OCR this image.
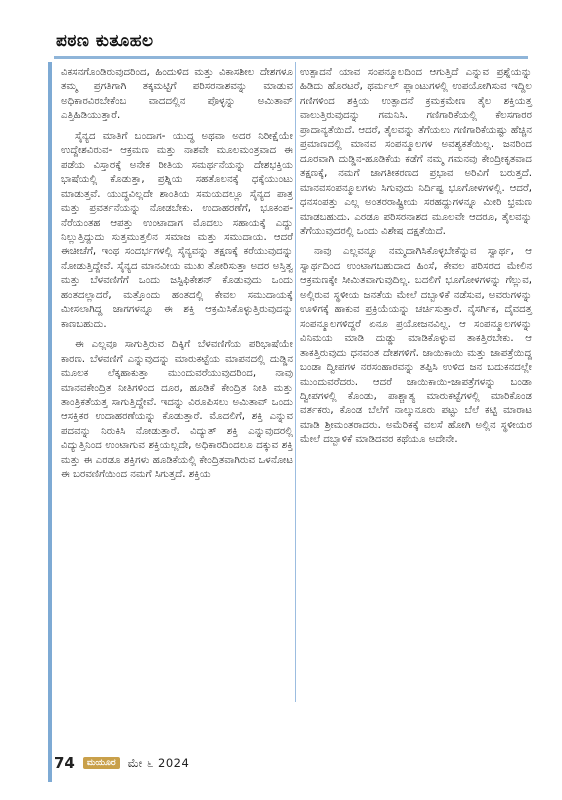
ಪಠಣ ಕುತೂಹಲ

ವಿಕಸನಗೊಂಡಿರುವುದರಿಂದ, ಹಿಂದುಳಿದ ಮತ್ತು ವಿಕಾಸಶೀಲ ದೇಶಗಳೂ ತಮ್ಮ ಪ್ರಗತಿಗಾಗಿ ತಕ್ಕಮಟ್ಟಿಗೆ ಪರಿಸರನಾಶವನ್ನು ಮಾಡುವ ಅಧಿಕಾರವಿರಬೇಕೆಂಬ ವಾದದಲ್ಲಿನ ಪೊಳ್ಳನ್ನು ಅಮಿತಾವ್ ಎತ್ತಿಹಿಡಿಯುತ್ತಾರೆ.

ಸೈನ್ಯದ ಮಾತಿಗೆ ಬಂದಾಗ- ಯುದ್ಧ ಅಥವಾ ಅದರ ನಿರೀಕ್ಷೆಯೇ ಉದ್ದೇಶವಿರುವ- ಆಕ್ರಮಣ ಮತ್ತು ನಾಶವೇ ಮೂಲಮಂತ್ರವಾದ ಈ ಪಡೆಯ ವಿಸ್ತಾರಕ್ಕೆ ಅನೇಕ ರೀತಿಯ ಸಮರ್ಥನೆಯನ್ನು ದೇಶಭಕ್ತಿಯ ಭಾಷೆಯಲ್ಲಿ ಕೊಡುತ್ತಾ, ಪ್ರಶ್ನಿಯ ಸಹತೊಲನಕ್ಕೆ ಧಕ್ಕೆಯುಂಟು ಮಾಡುತ್ತವೆ. ಯುದ್ಧವಿಲ್ಲದೇ ಶಾಂತಿಯ ಸಮಯದಲ್ಲೂ ಸೈನ್ಯದ ಪಾತ್ರ ಮತ್ತು ಪ್ರವರ್ತನೆಯನ್ನು ನೋಡಬೇಕು. ಉದಾಹರಣೆಗೆ, ಭೂಕಂಪ-ನೆರೆಯಂತಹ ಆಪತ್ತು ಉಂಟಾದಾಗ ಮೊದಲು ಸಹಾಯಕ್ಕೆ ಎದ್ದು ನಿಲ್ಲುತ್ತಿದ್ದುದು ಸುತ್ತಮುತ್ತಲಿನ ಸಮಾಜ ಮತ್ತು ಸಮುದಾಯ. ಆದರೆ ಈಚೀಚೆಗೆ, ಇಂಥ ಸಂದರ್ಭಗಳಲ್ಲಿ ಸೈನ್ಯವನ್ನು ತಕ್ಷಣಕ್ಕೆ ಕರೆಯುವುದನ್ನು ನೋಡುತ್ತಿದ್ದೇವೆ. ಸೈನ್ಯದ ಮಾನವೀಯ ಮುಖ ತೋರಿಸುತ್ತಾ ಅದರ ಅಸ್ತಿತ್ವ ಮತ್ತು ಬೆಳವಣಿಗೆಗೆ ಒಂದು ಜಸ್ಟಿಫಿಕೇಶನ್ ಕೊಡುವುದು ಒಂದು ಹಂತದಲ್ಲಾದರೆ, ಮತ್ತೊಂದು ಹಂತದಲ್ಲಿ ಕೇವಲ ಸಮುದಾಯಕ್ಕೆ ಮೀಸಲಾಗಿದ್ದ ಜಾಗಗಳನ್ನೂ ಈ ಶಕ್ತಿ ಆಕ್ರಮಿಸಿಕೊಳ್ಳುತ್ತಿರುವುದನ್ನು ಕಾಣಬಹುದು.

ಈ ಎಲ್ಲವೂ ಸಾಗುತ್ತಿರುವ ದಿಕ್ಕಿಗೆ ಬೆಳವಣಿಗೆಯ ಪರಿಭಾಷೆಯೇ ಕಾರಣ. ಬೆಳವಣಿಗೆ ಎನ್ನುವುದನ್ನು ಮಾರುಕಟ್ಟೆಯ ಮಾಪನದಲ್ಲಿ ದುಡ್ಡಿನ ಮೂಲಕ ಲೆಕ್ಕಹಾಕುತ್ತಾ ಮುಂದುವರೆಯುವುದರಿಂದ, ನಾವು ಮಾನವಕೇಂದ್ರಿತ ನೀತಿಗಳಿಂದ ದೂರ, ಹೂಡಿಕೆ ಕೇಂದ್ರಿತ ನೀತಿ ಮತ್ತು ತಾಂತ್ರಿಕತೆಯತ್ತ ಸಾಗುತ್ತಿದ್ದೇವೆ. ಇದನ್ನು ವಿರೂಪಿಸಲು ಅಮಿತಾವ್ ಒಂದು ಆಸಕ್ತಿಕರ ಉದಾಹರಣೆಯನ್ನು ಕೊಡುತ್ತಾರೆ. ಮೊದಲಿಗೆ, ಶಕ್ತಿ ಎನ್ನುವ ಪದವನ್ನು ನಿರುಕಿಸಿ ನೋಡುತ್ತಾರೆ. ವಿದ್ಯುತ್ ಶಕ್ತಿ ಎನ್ನುವುದರಲ್ಲಿ ವಿದ್ಯುತ್ತಿನಿಂದ ಉಂಟಾಗುವ ಶಕ್ತಿಯಲ್ಲದೇ, ಅಧಿಕಾರದಿಂದಲೂ ದಕ್ಕುವ ಶಕ್ತಿ ಮತ್ತು ಈ ಎರಡೂ ಶಕ್ತಿಗಳು ಹೂಡಿಕೆಯಲ್ಲಿ ಕೇಂದ್ರಿತವಾಗಿರುವ ಒಳನೋಟ ಈ ಬರವಣಿಗೆಯಿಂದ ನಮಗೆ ಸಿಗುತ್ತದೆ. ಶಕ್ತಿಯ

ಉತ್ಪಾದನೆ ಯಾವ ಸಂಪನ್ಮೂಲದಿಂದ ಆಗುತ್ತಿದೆ ಎನ್ನುವ ಪ್ರಶ್ನೆಯನ್ನು ಹಿಡಿದು ಹೊರಟರೆ, ಥರ್ಮಲ್ ಪ್ಲಾಂಟುಗಳಲ್ಲಿ ಉಪಯೋಗಿಸುವ ಇದ್ದಿಲ ಗಣಿಗಳಿಂದ ಶಕ್ತಿಯ ಉತ್ಪಾದನೆ ಕ್ರಮಕ್ರಮೇಣ ತೈಲ ಶಕ್ತಿಯತ್ತ ವಾಲುತ್ತಿರುವುದನ್ನು ಗಮನಿಸಿ. ಗಣಿಗಾರಿಕೆಯಲ್ಲಿ ಕೆಲಸಗಾರರ ಪ್ರಾದಾನ್ಯತೆಯಿದೆ. ಆದರೆ, ತೈಲವನ್ನು ತೆಗೆಯಲು ಗಣಿಗಾರಿಕೆಯಷ್ಟು ಹೆಚ್ಚಿನ ಪ್ರಮಾಣದಲ್ಲಿ ಮಾನವ ಸಂಪನ್ಮೂಲಗಳ ಅವಶ್ಯಕತೆಯಿಲ್ಲ. ಜನರಿಂದ ದೂರವಾಗಿ ದುಡ್ಡಿನ-ಹೂಡಿಕೆಯ ಕಡೆಗೆ ನಮ್ಮ ಗಮನವು ಕೇಂದ್ರೀಕೃತವಾದ ತಕ್ಷಣಕ್ಕೆ, ನಮಗೆ ಜಾಗತೀಕರಣದ ಪ್ರಭಾವ ಅರಿವಿಗೆ ಬರುತ್ತದೆ. ಮಾನವಸಂಪನ್ಮೂಲಗಳು ಸಿಗುವುದು ನಿರ್ದಿಷ್ಟ ಭೂಗೋಳಗಳಲ್ಲಿ. ಆದರೆ, ಧನಸಂಪತ್ತು ಎಲ್ಲ ಅಂತರರಾಷ್ಟ್ರೀಯ ಸರಹದ್ದುಗಳನ್ನೂ ಮೀರಿ ಭ್ರಮಣ ಮಾಡಬಹುದು. ಎರಡೂ ಪರಿಸರನಾಶದ ಮೂಲವೇ ಆದರೂ, ತೈಲವನ್ನು ತೆಗೆಯುವುದರಲ್ಲಿ ಒಂದು ವಿಶೇಷ ದಕ್ಷತೆಯಿದೆ.

ನಾವು ಎಲ್ಲವನ್ನೂ ನಮ್ಮದಾಗಿಸಿಕೊಳ್ಳಬೇಕೆನ್ನುವ ಸ್ವಾರ್ಥ, ಆ ಸ್ವಾರ್ಥದಿಂದ ಉಂಟಾಗಬಹುದಾದ ಹಿಂಸೆ, ಕೇವಲ ಪರಿಸರದ ಮೇಲಿನ ಆಕ್ರಮಣಕ್ಕೇ ಸೀಮಿತವಾಗುವುದಿಲ್ಲ. ಬದಲಿಗೆ ಭೂಗೋಳಗಳನ್ನು ಗೆಲ್ಲುವ, ಅಲ್ಲಿರುವ ಸ್ಥಳೀಯ ಜನತೆಯ ಮೇಲೆ ದಬ್ಬಾಳಿಕೆ ನಡೆಸುವ, ಅವರುಗಳನ್ನು ಊಳಿಗಕ್ಕೆ ಹಾಕುವ ಪ್ರಕ್ರಿಯೆಯನ್ನು ಚರ್ಚಿಸುತ್ತಾರೆ. ನೈಸರ್ಗಿಕ, ದೈವದತ್ತ ಸಂಪನ್ಮೂಲಗಳಿದ್ದರೆ ಏನೂ ಪ್ರಯೋಜನವಿಲ್ಲ. ಆ ಸಂಪನ್ಮೂಲಗಳನ್ನು ವಿನಿಮಯ ಮಾಡಿ ದುಡ್ಡು ಮಾಡಿಕೊಳ್ಳುವ ತಾಕತ್ತಿರಬೇಕು. ಆ ತಾಕತ್ತಿರುವುದು ಧನವಂತ ದೇಶಗಳಿಗೆ. ಜಾಯಿಕಾಯಿ ಮತ್ತು ಜಾಪತ್ರೆಯಿದ್ದ ಬಂಡಾ ದ್ವೀಪಗಳ ನರಸಂಹಾರವನ್ನು ತಪ್ಪಿಸಿ ಉಳಿದ ಜನ ಬದುಕನದಲ್ಲೇ ಮುಂದುವರೆದರು. ಆದರೆ ಜಾಯಿಕಾಯಿ-ಜಾಪತ್ರೆಗಳನ್ನು ಬಂಡಾ ದ್ವೀಪಗಳಲ್ಲಿ ಕೊಂಡು, ಪಾಶ್ಚಾತ್ಯ ಮಾರುಕಟ್ಟೆಗಳಲ್ಲಿ ಮಾರಿಕೊಂಡ ವರ್ತಕರು, ಕೊಂಡ ಬೆಲೆಗೆ ನಾಲ್ಕುನೂರು ಪಟ್ಟು ಬೆಲೆ ಕಟ್ಟಿ ಮಾರಾಟ ಮಾಡಿ ಶ್ರೀಮಂತರಾದರು. ಅಮೆರಿಕಕ್ಕೆ ವಲಸೆ ಹೋಗಿ ಅಲ್ಲಿನ ಸ್ಥಳೀಯರ ಮೇಲೆ ದಬ್ಬಾಳಿಕೆ ಮಾಡಿದವರ ಕಥೆಯೂ ಅದೇನೇ.

74	ಮಯೂರ	ಮೇ ೬ 2024
